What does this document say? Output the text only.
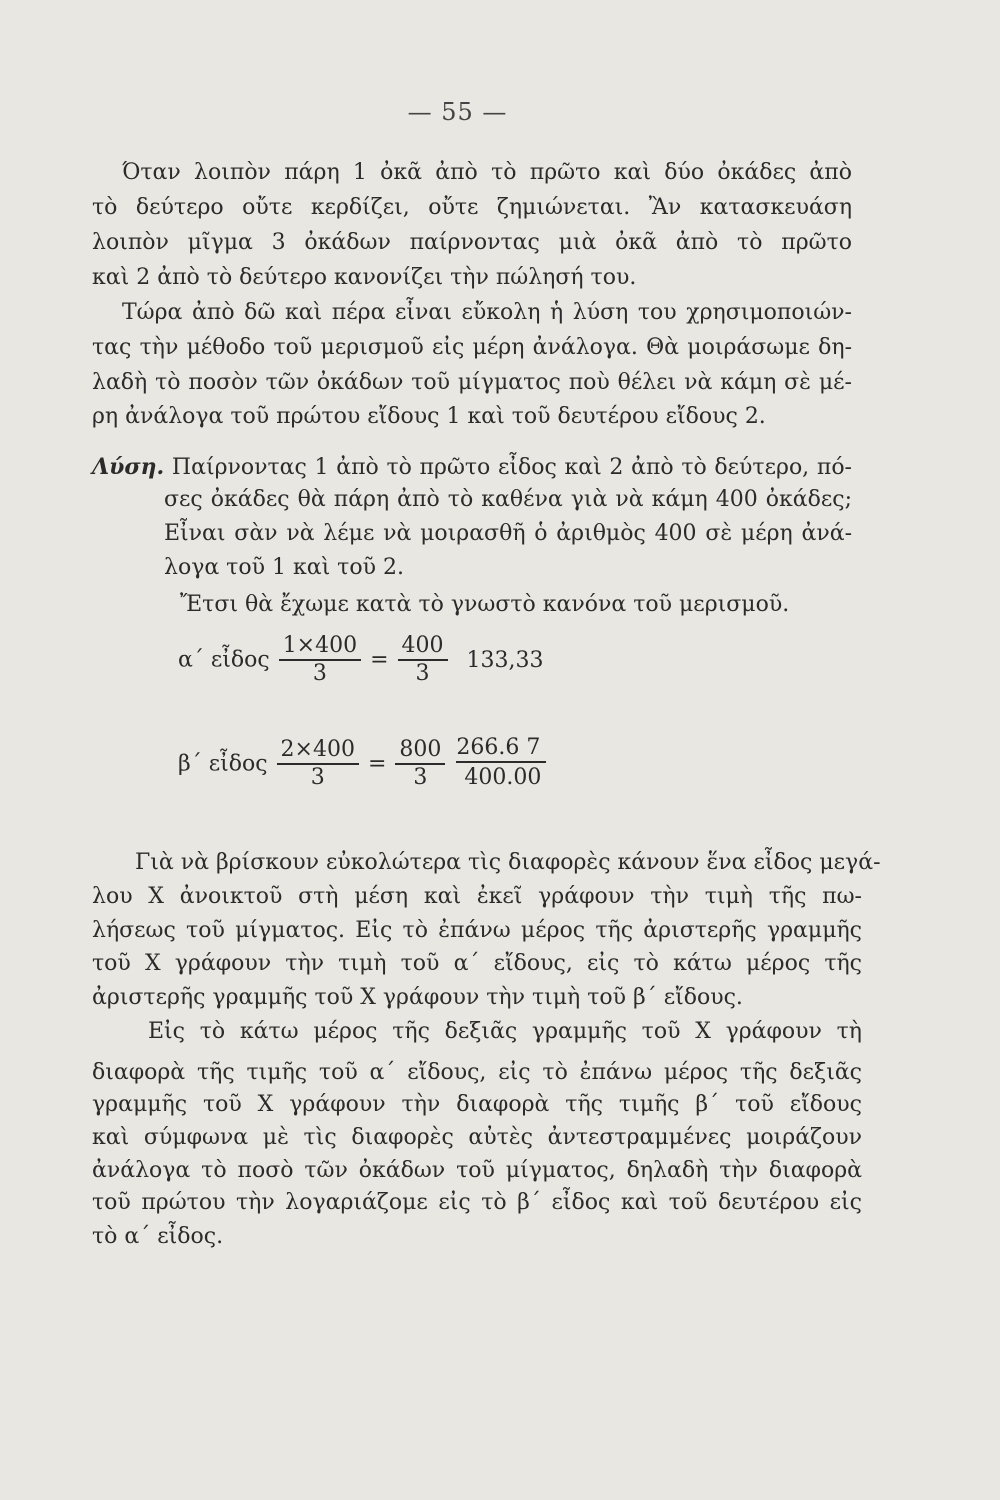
— 55 —
Όταν λοιπὸν πάρη 1 ὀκᾶ ἀπὸ τὸ πρῶτο καὶ δύο ὀκάδες ἀπὸ
τὸ δεύτερο οὔτε κερδίζει, οὔτε ζημιώνεται. Ἂν κατασκευάση
λοιπὸν μῖγμα 3 ὀκάδων παίρνοντας μιὰ ὀκᾶ ἀπὸ τὸ πρῶτο
καὶ 2 ἀπὸ τὸ δεύτερο κανονίζει τὴν πώλησή του.
Τώρα ἀπὸ δῶ καὶ πέρα εἶναι εὔκολη ἡ λύση του χρησιμοποιών-
τας τὴν μέθοδο τοῦ μερισμοῦ εἰς μέρη ἀνάλογα. Θὰ μοιράσωμε δη-
λαδὴ τὸ ποσὸν τῶν ὀκάδων τοῦ μίγματος ποὺ θέλει νὰ κάμη σὲ μέ-
ρη ἀνάλογα τοῦ πρώτου εἴδους 1 καὶ τοῦ δευτέρου εἴδους 2.
Λύση. Παίρνοντας 1 ἀπὸ τὸ πρῶτο εἶδος καὶ 2 ἀπὸ τὸ δεύτερο, πό-
σες ὀκάδες θὰ πάρη ἀπὸ τὸ καθένα γιὰ νὰ κάμη 400 ὀκάδες;
Εἶναι σὰν νὰ λέμε νὰ μοιρασθῆ ὁ ἀριθμὸς 400 σὲ μέρη ἀνά-
λογα τοῦ 1 καὶ τοῦ 2.
Ἔτσι θὰ ἔχωμε κατὰ τὸ γνωστὸ κανόνα τοῦ μερισμοῦ.
α΄ εἶδος $\frac{1\times 400}{3} = \frac{400}{3} 133,33$
β΄ εἶδος $\frac{2\times 400}{3} = \frac{800}{3}$
$\frac{266.6 7}{400.00}$
Γιὰ νὰ βρίσκουν εὐκολώτερα τὶς διαφορὲς κάνουν ἕνα εἶδος μεγά-
λου Χ ἀνοικτοῦ στὴ μέση καὶ ἐκεῖ γράφουν τὴν τιμὴ τῆς πω-
λήσεως τοῦ μίγματος. Εἰς τὸ ἐπάνω μέρος τῆς ἀριστερῆς γραμμῆς
τοῦ Χ γράφουν τὴν τιμὴ τοῦ α΄ εἴδους, εἰς τὸ κάτω μέρος τῆς
ἀριστερῆς γραμμῆς τοῦ Χ γράφουν τὴν τιμὴ τοῦ β΄ εἴδους.
Εἰς τὸ κάτω μέρος τῆς δεξιᾶς γραμμῆς τοῦ Χ γράφουν τὴ
διαφορὰ τῆς τιμῆς τοῦ α΄ εἴδους, εἰς τὸ ἐπάνω μέρος τῆς δεξιᾶς
γραμμῆς τοῦ Χ γράφουν τὴν διαφορὰ τῆς τιμῆς β΄ τοῦ εἴδους
καὶ σύμφωνα μὲ τὶς διαφορὲς αὐτὲς ἀντεστραμμένες μοιράζουν
ἀνάλογα τὸ ποσὸ τῶν ὀκάδων τοῦ μίγματος, δηλαδὴ τὴν διαφορὰ
τοῦ πρώτου τὴν λογαριάζομε εἰς τὸ β΄ εἶδος καὶ τοῦ δευτέρου εἰς
τὸ α΄ εἶδος.
